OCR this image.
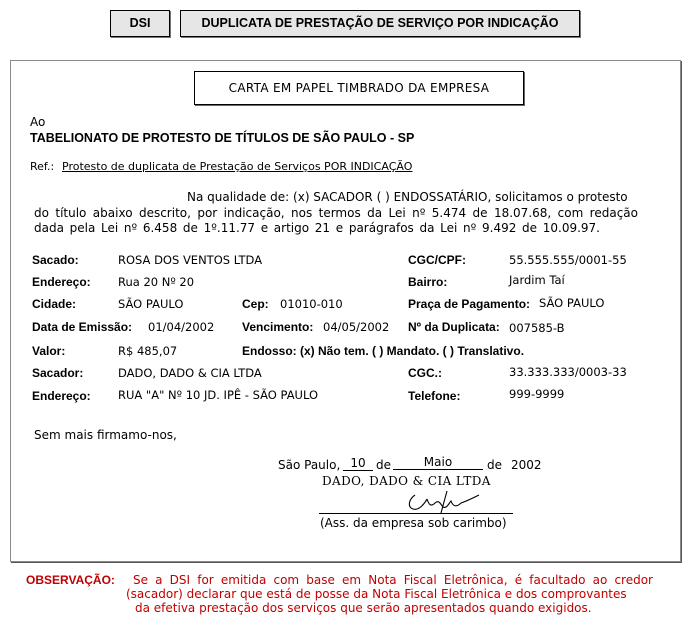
DSI	DUPLICATA DE PRESTAÇÃO DE SERVIÇO POR INDICAÇÃO
CARTA EM PAPEL TIMBRADO DA EMPRESA
Ao
TABELIONATO DE PROTESTO DE TÍTULOS DE SÃO PAULO - SP
Ref.: Protesto de duplicata de Prestação de Serviços POR INDICAÇÃO
Na qualidade de: (x) SACADOR ( ) ENDOSSATÁRIO, solicitamos o protesto
do título abaixo descrito, por indicação, nos termos da Lei nº 5.474 de 18.07.68, com redação
dada pela Lei nº 6.458 de 1º.11.77 e artigo 21 e parágrafos da Lei nº 9.492 de 10.09.97.
Sacado:	ROSA DOS VENTOS LTDA	CGC/CPF:	55.555.555/0001-55
Endereço: Rua 20 Nº 20	Bairro:	Jardim Taí
Cidade:	SÃO PAULO	Cep: 01010-010	Praça de Pagamento: SÃO PAULO
Data de Emissão: 01/04/2002 Vencimento: 04/05/2002 Nº da Duplicata: 007585-B
Valor:	R$ 485,07	Endosso: (x) Não tem. ( ) Mandato. ( ) Translativo.
Sacador:	DADO, DADO & CIA LTDA	CGC.:	33.333.333/0003-33
Endereço: RUA "A" Nº 10 JD. IPÊ - SÃO PAULO	Telefone:	999-9999
Sem mais firmamo-nos,
São Paulo, 10 de	Maio	de 2002
DADO, DADO & CIA LTDA
(Ass. da empresa sob carimbo)
OBSERVAÇÃO: Se a DSI for emitida com base em Nota Fiscal Eletrônica, é facultado ao credor
(sacador) declarar que está de posse da Nota Fiscal Eletrônica e dos comprovantes
da efetiva prestação dos serviços que serão apresentados quando exigidos.
